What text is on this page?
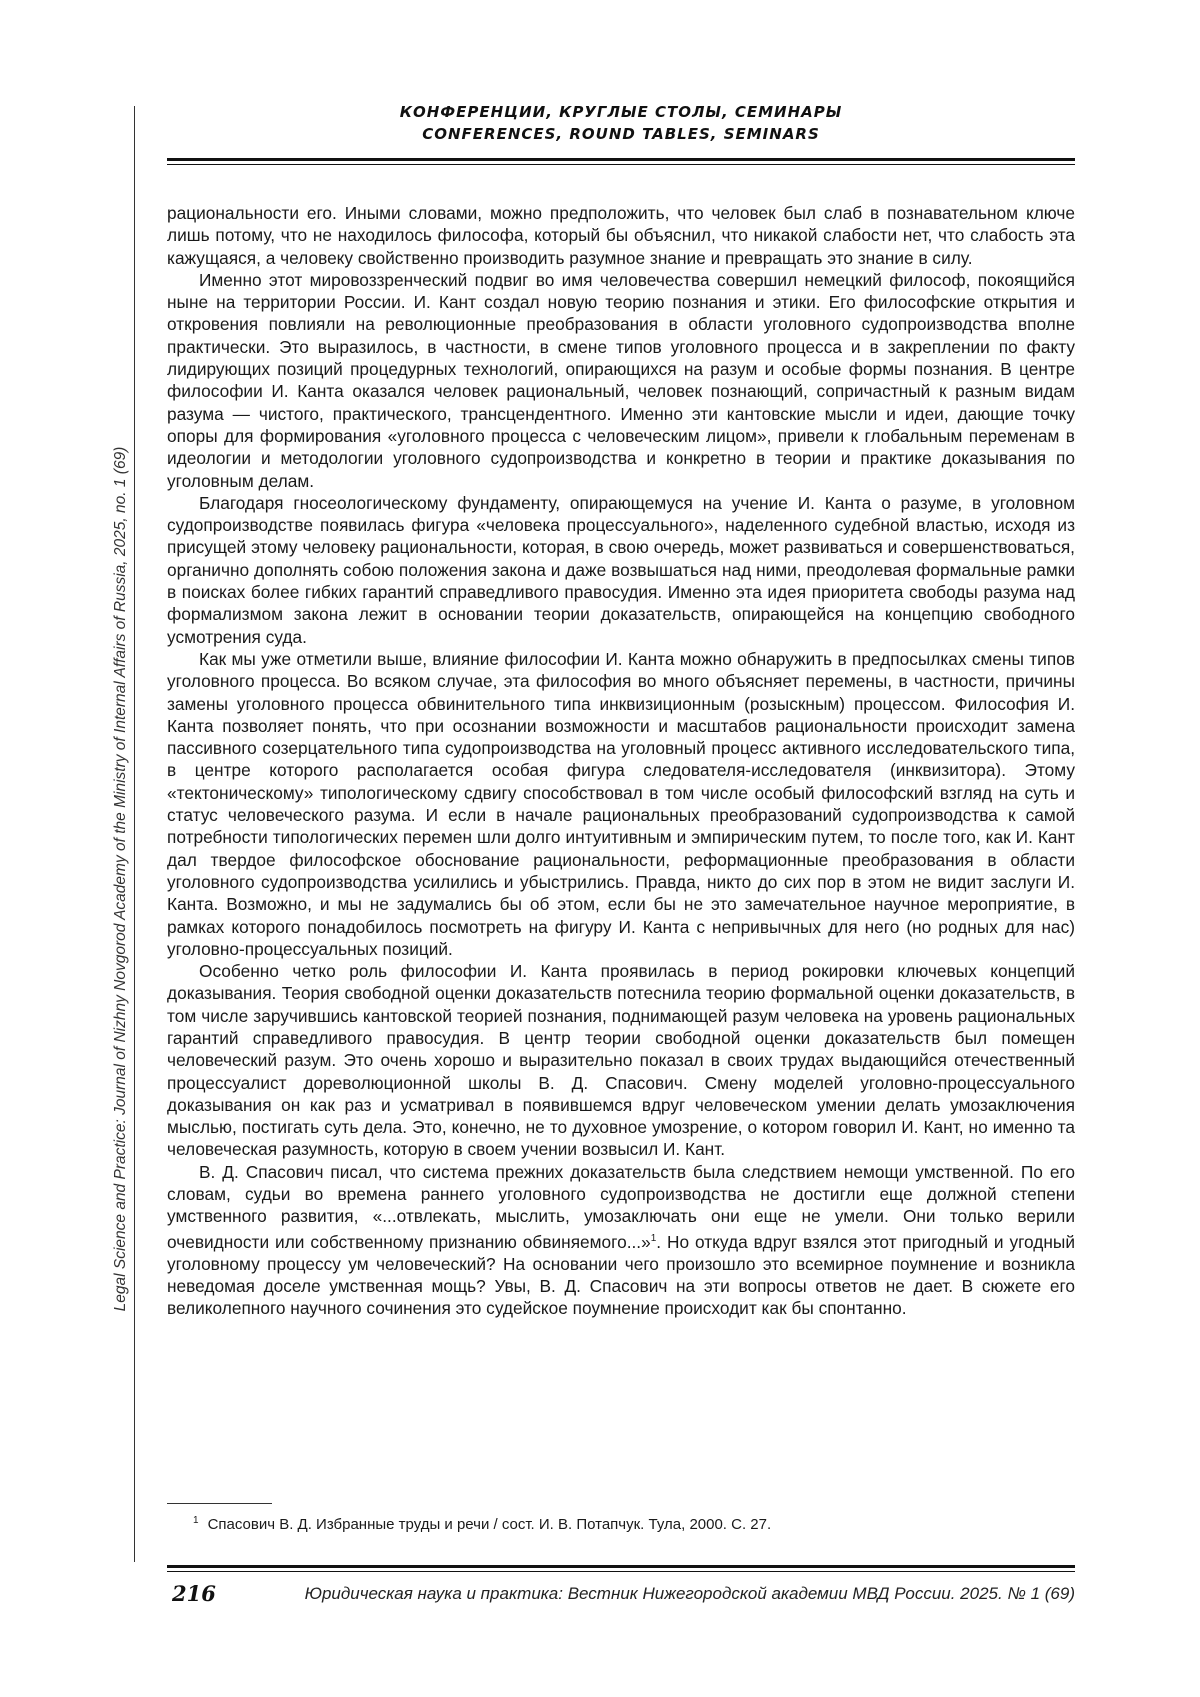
Legal Science and Practice: Journal of Nizhny Novgorod Academy of the Ministry of Internal Affairs of Russia, 2025, no. 1 (69)
КОНФЕРЕНЦИИ, КРУГЛЫЕ СТОЛЫ, СЕМИНАРЫ
CONFERENCES, ROUND TABLES, SEMINARS

рациональности его. Иными словами, можно предположить, что человек был слаб в познавательном ключе лишь потому, что не находилось философа, который бы объяснил, что никакой слабости нет, что слабость эта кажущаяся, а человеку свойственно производить разумное знание и превращать это знание в силу.

Именно этот мировоззренческий подвиг во имя человечества совершил немецкий философ, покоящийся ныне на территории России. И. Кант создал новую теорию познания и этики. Его философские открытия и откровения повлияли на революционные преобразования в области уголовного судопроизводства вполне практически. Это выразилось, в частности, в смене типов уголовного процесса и в закреплении по факту лидирующих позиций процедурных технологий, опирающихся на разум и особые формы познания. В центре философии И. Канта оказался человек рациональный, человек познающий, сопричастный к разным видам разума — чистого, практического, трансцендентного. Именно эти кантовские мысли и идеи, дающие точку опоры для формирования «уголовного процесса с человеческим лицом», привели к глобальным переменам в идеологии и методологии уголовного судопроизводства и конкретно в теории и практике доказывания по уголовным делам.

Благодаря гносеологическому фундаменту, опирающемуся на учение И. Канта о разуме, в уголовном судопроизводстве появилась фигура «человека процессуального», наделенного судебной властью, исходя из присущей этому человеку рациональности, которая, в свою очередь, может развиваться и совершенствоваться, органично дополнять собою положения закона и даже возвышаться над ними, преодолевая формальные рамки в поисках более гибких гарантий справедливого правосудия. Именно эта идея приоритета свободы разума над формализмом закона лежит в основании теории доказательств, опирающейся на концепцию свободного усмотрения суда.

Как мы уже отметили выше, влияние философии И. Канта можно обнаружить в предпосылках смены типов уголовного процесса. Во всяком случае, эта философия во много объясняет перемены, в частности, причины замены уголовного процесса обвинительного типа инквизиционным (розыскным) процессом. Философия И. Канта позволяет понять, что при осознании возможности и масштабов рациональности происходит замена пассивного созерцательного типа судопроизводства на уголовный процесс активного исследовательского типа, в центре которого располагается особая фигура следователя-исследователя (инквизитора). Этому «тектоническому» типологическому сдвигу способствовал в том числе особый философский взгляд на суть и статус человеческого разума. И если в начале рациональных преобразований судопроизводства к самой потребности типологических перемен шли долго интуитивным и эмпирическим путем, то после того, как И. Кант дал твердое философское обоснование рациональности, реформационные преобразования в области уголовного судопроизводства усилились и убыстрились. Правда, никто до сих пор в этом не видит заслуги И. Канта. Возможно, и мы не задумались бы об этом, если бы не это замечательное научное мероприятие, в рамках которого понадобилось посмотреть на фигуру И. Канта с непривычных для него (но родных для нас) уголовно-процессуальных позиций.

Особенно четко роль философии И. Канта проявилась в период рокировки ключевых концепций доказывания. Теория свободной оценки доказательств потеснила теорию формальной оценки доказательств, в том числе заручившись кантовской теорией познания, поднимающей разум человека на уровень рациональных гарантий справедливого правосудия. В центр теории свободной оценки доказательств был помещен человеческий разум. Это очень хорошо и выразительно показал в своих трудах выдающийся отечественный процессуалист дореволюционной школы В. Д. Спасович. Смену моделей уголовно-процессуального доказывания он как раз и усматривал в появившемся вдруг человеческом умении делать умозаключения мыслью, постигать суть дела. Это, конечно, не то духовное умозрение, о котором говорил И. Кант, но именно та человеческая разумность, которую в своем учении возвысил И. Кант.

В. Д. Спасович писал, что система прежних доказательств была следствием немощи умственной. По его словам, судьи во времена раннего уголовного судопроизводства не достигли еще должной степени умственного развития, «...отвлекать, мыслить, умозаключать они еще не умели. Они только верили очевидности или собственному признанию обвиняемого...»$^1$. Но откуда вдруг взялся этот пригодный и угодный уголовному процессу ум человеческий? На основании чего произошло это всемирное поумнение и возникла неведомая доселе умственная мощь? Увы, В. Д. Спасович на эти вопросы ответов не дает. В сюжете его великолепного научного сочинения это судейское поумнение происходит как бы спонтанно.

$^1$ Спасович В. Д. Избранные труды и речи / сост. И. В. Потапчук. Тула, 2000. С. 27.
216	Юридическая наука и практика: Вестник Нижегородской академии МВД России. 2025. № 1 (69)
